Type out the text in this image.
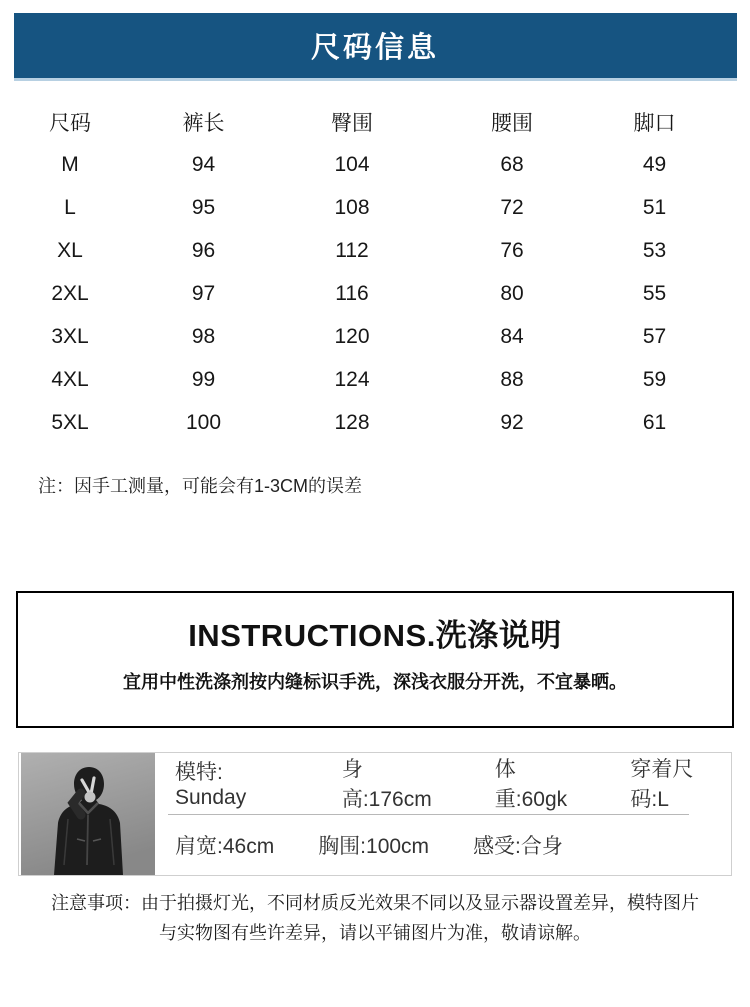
尺码信息
尺码	裤长	臀围	腰围	脚口
M	94	104	68	49
L	95	108	72	51
XL	96	112	76	53
2XL	97	116	80	55
3XL	98	120	84	57
4XL	99	124	88	59
5XL	100	128	92	61
注：因手工测量，可能会有1-3CM的误差
INSTRUCTIONS.洗涤说明
宜用中性洗涤剂按内缝标识手洗，深浅衣服分开洗，不宜暴晒。
模特: Sunday
身高:176cm
体重:60gk
穿着尺码:L
肩宽:46cm 胸围:100cm 感受:合身
注意事项：由于拍摄灯光，不同材质反光效果不同以及显示器设置差异，模特图片
与实物图有些许差异，请以平铺图片为准，敬请谅解。
